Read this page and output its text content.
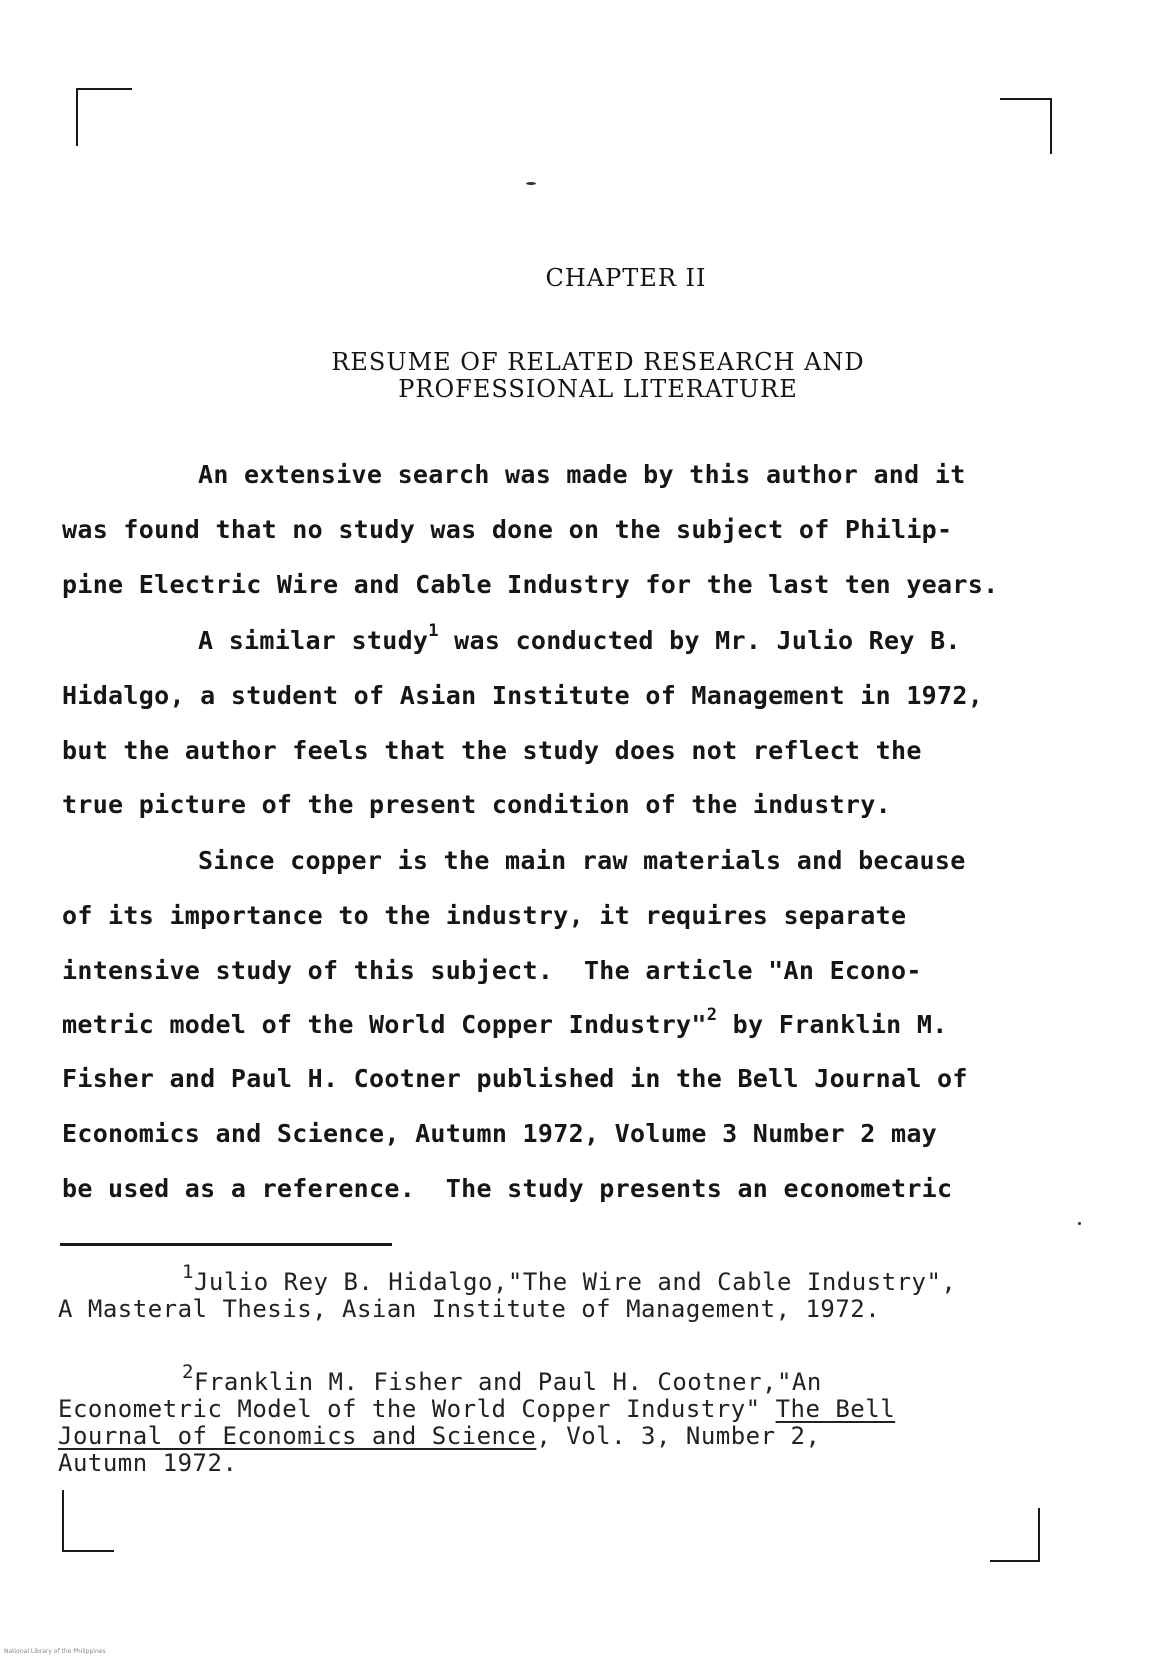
CHAPTER II
RESUME OF RELATED RESEARCH AND
PROFESSIONAL LITERATURE
An extensive search was made by this author and it
was found that no study was done on the subject of Philip-
pine Electric Wire and Cable Industry for the last ten years.
A similar study$^1$ was conducted by Mr. Julio Rey B.
Hidalgo, a student of Asian Institute of Management in 1972,
but the author feels that the study does not reflect the
true picture of the present condition of the industry.
Since copper is the main raw materials and because
of its importance to the industry, it requires separate
intensive study of this subject.  The article "An Econo-
metric model of the World Copper Industry"$^2$ by Franklin M.
Fisher and Paul H. Cootner published in the Bell Journal of
Economics and Science, Autumn 1972, Volume 3 Number 2 may
be used as a reference.  The study presents an econometric
$^1$Julio Rey B. Hidalgo,"The Wire and Cable Industry",
A Masteral Thesis, Asian Institute of Management, 1972.
$^2$Franklin M. Fisher and Paul H. Cootner,"An
Econometric Model of the World Copper Industry" The Bell
Journal of Economics and Science, Vol. 3, Number 2,
Autumn 1972.
National Library of the Philippines
